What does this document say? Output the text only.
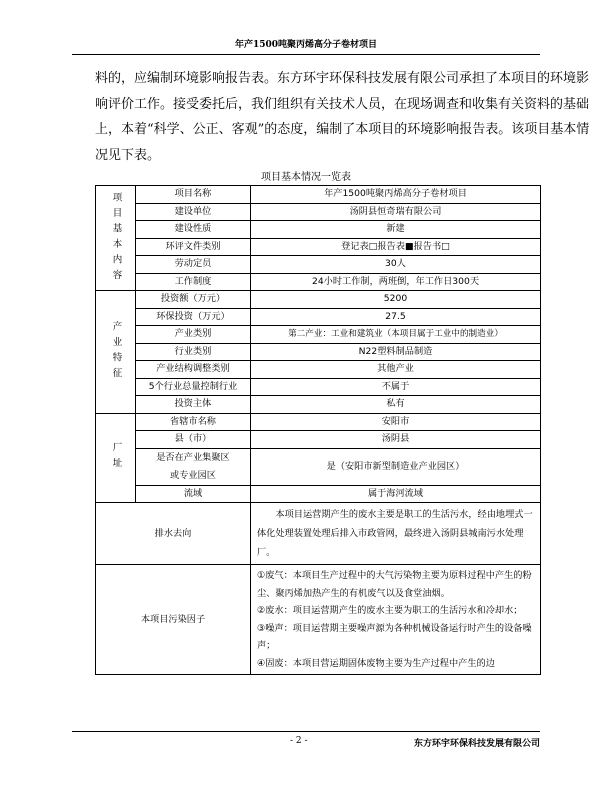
年产1500吨聚丙烯高分子卷材项目
料的，应编制环境影响报告表。东方环宇环保科技发展有限公司承担了本项目的环境影
响评价工作。接受委托后，我们组织有关技术人员，在现场调查和收集有关资料的基础
上，本着“科学、公正、客观”的态度，编制了本项目的环境影响报告表。该项目基本情
况见下表。
项目基本情况一览表
项目基本内容	项目名称	年产1500吨聚丙烯高分子卷材项目
	建设单位	汤阴县恒奇瑞有限公司
	建设性质	新建
	环评文件类别	登记表□报告表■报告书□
	劳动定员	30人
	工作制度	24小时工作制，两班倒，年工作日300天
产业特征	投资额（万元）	5200
	环保投资（万元）	27.5
	产业类别	第二产业：工业和建筑业（本项目属于工业中的制造业）
	行业类别	N22塑料制品制造
	产业结构调整类别	其他产业
	5个行业总量控制行业	不属于
	投资主体	私有
厂址	省辖市名称	安阳市
	县（市）	汤阴县
	是否在产业集聚区
或专业园区	是（安阳市新型制造业产业园区）
	流域	属于海河流域
排水去向		本项目运营期产生的废水主要是职工的生活污水，经由地埋式一体化处理装置处理后排入市政管网，最终进入汤阴县城南污水处理厂。
本项目污染因子		①废气：本项目生产过程中的大气污染物主要为原料过程中产生的粉尘、聚丙烯加热产生的有机废气以及食堂油烟。
②废水：项目运营期产生的废水主要为职工的生活污水和冷却水；
③噪声：项目运营期主要噪声源为各种机械设备运行时产生的设备噪声；
④固废：本项目营运期固体废物主要为生产过程中产生的边
- 2 -	东方环宇环保科技发展有限公司
